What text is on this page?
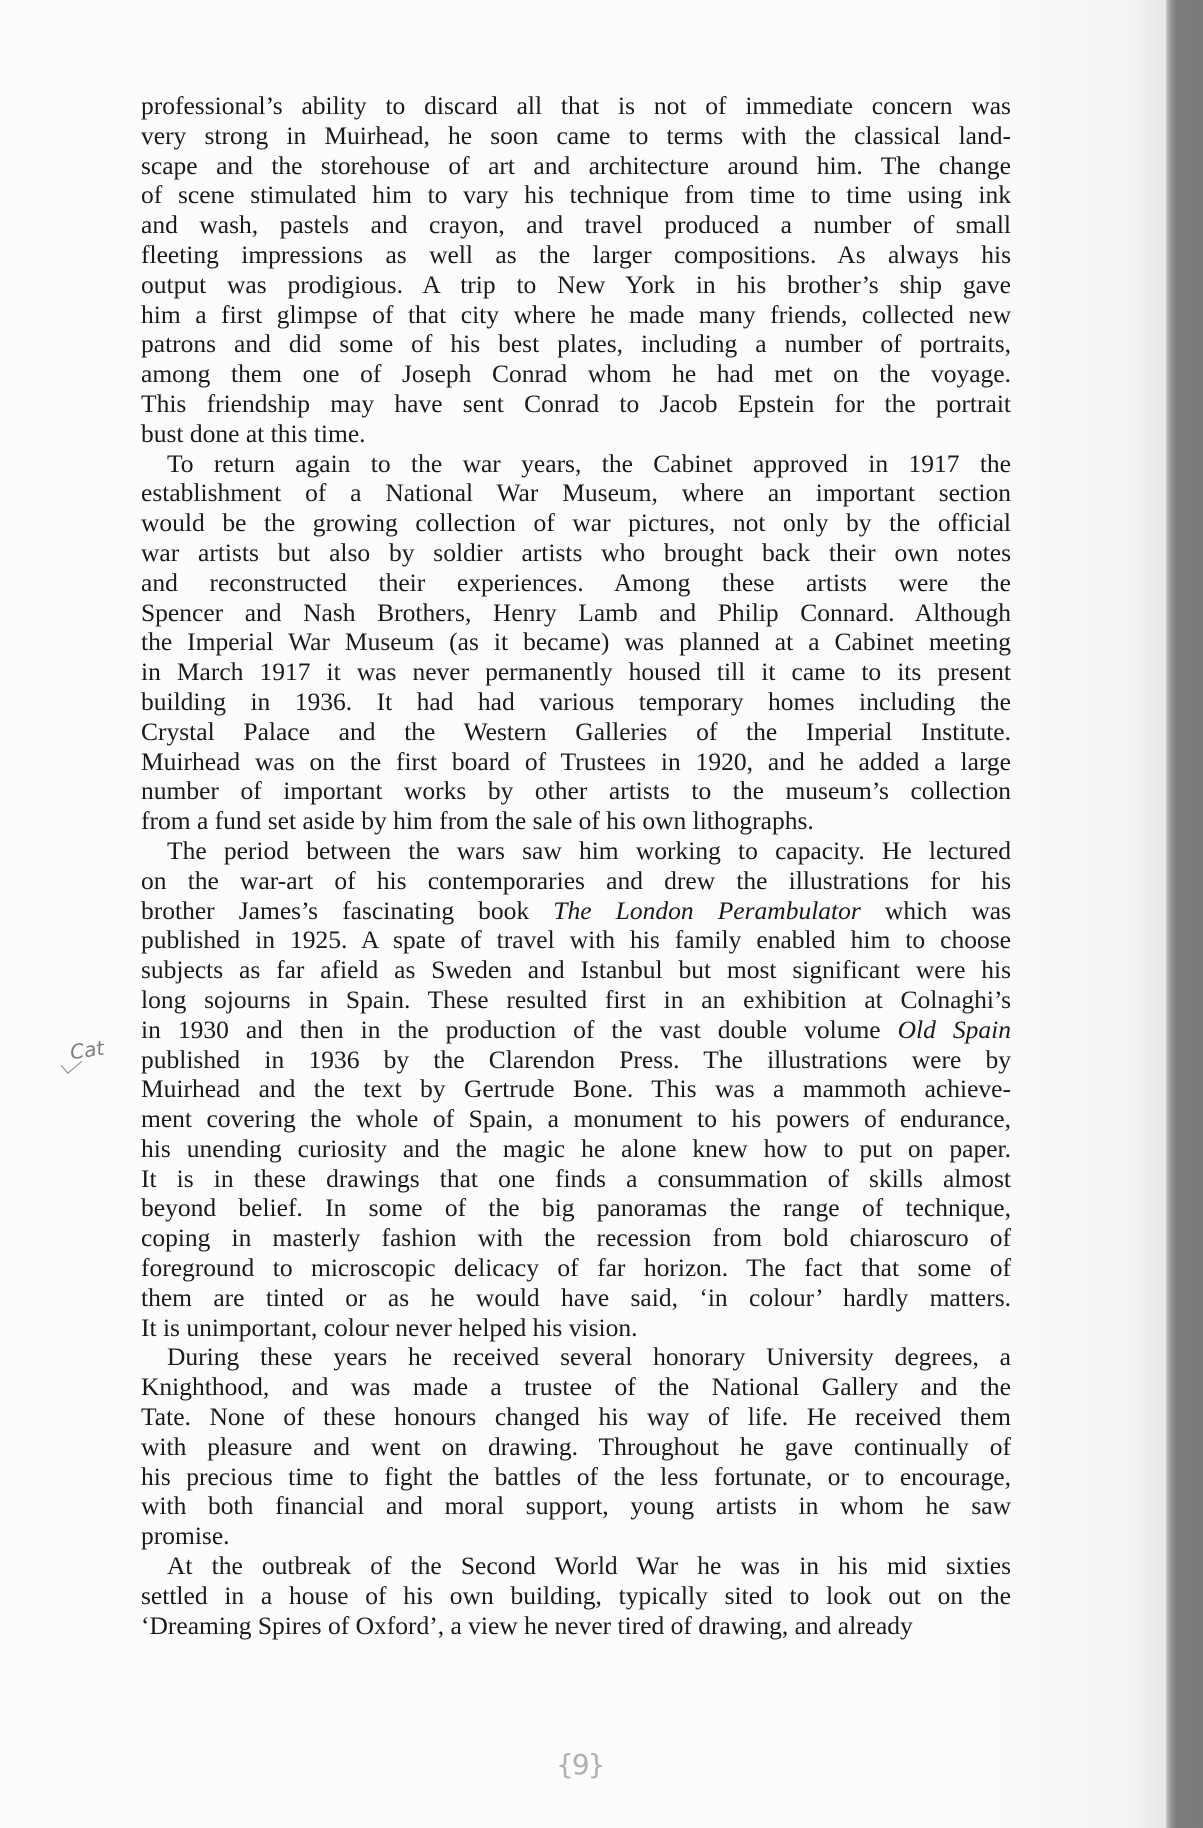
professional’s ability to discard all that is not of immediate concern was
very strong in Muirhead, he soon came to terms with the classical land-
scape and the storehouse of art and architecture around him. The change
of scene stimulated him to vary his technique from time to time using ink
and wash, pastels and crayon, and travel produced a number of small
fleeting impressions as well as the larger compositions. As always his
output was prodigious. A trip to New York in his brother’s ship gave
him a first glimpse of that city where he made many friends, collected new
patrons and did some of his best plates, including a number of portraits,
among them one of Joseph Conrad whom he had met on the voyage.
This friendship may have sent Conrad to Jacob Epstein for the portrait
bust done at this time.
To return again to the war years, the Cabinet approved in 1917 the
establishment of a National War Museum, where an important section
would be the growing collection of war pictures, not only by the official
war artists but also by soldier artists who brought back their own notes
and reconstructed their experiences. Among these artists were the
Spencer and Nash Brothers, Henry Lamb and Philip Connard. Although
the Imperial War Museum (as it became) was planned at a Cabinet meeting
in March 1917 it was never permanently housed till it came to its present
building in 1936. It had had various temporary homes including the
Crystal Palace and the Western Galleries of the Imperial Institute.
Muirhead was on the first board of Trustees in 1920, and he added a large
number of important works by other artists to the museum’s collection
from a fund set aside by him from the sale of his own lithographs.
The period between the wars saw him working to capacity. He lectured
on the war-art of his contemporaries and drew the illustrations for his
brother James’s fascinating book The London Perambulator which was
published in 1925. A spate of travel with his family enabled him to choose
subjects as far afield as Sweden and Istanbul but most significant were his
long sojourns in Spain. These resulted first in an exhibition at Colnaghi’s
in 1930 and then in the production of the vast double volume Old Spain
published in 1936 by the Clarendon Press. The illustrations were by
Muirhead and the text by Gertrude Bone. This was a mammoth achieve-
ment covering the whole of Spain, a monument to his powers of endurance,
his unending curiosity and the magic he alone knew how to put on paper.
It is in these drawings that one finds a consummation of skills almost
beyond belief. In some of the big panoramas the range of technique,
coping in masterly fashion with the recession from bold chiaroscuro of
foreground to microscopic delicacy of far horizon. The fact that some of
them are tinted or as he would have said, ‘in colour’ hardly matters.
It is unimportant, colour never helped his vision.
During these years he received several honorary University degrees, a
Knighthood, and was made a trustee of the National Gallery and the
Tate. None of these honours changed his way of life. He received them
with pleasure and went on drawing. Throughout he gave continually of
his precious time to fight the battles of the less fortunate, or to encourage,
with both financial and moral support, young artists in whom he saw
promise.
At the outbreak of the Second World War he was in his mid sixties
settled in a house of his own building, typically sited to look out on the
‘Dreaming Spires of Oxford’, a view he never tired of drawing, and already
Cat
{9}
